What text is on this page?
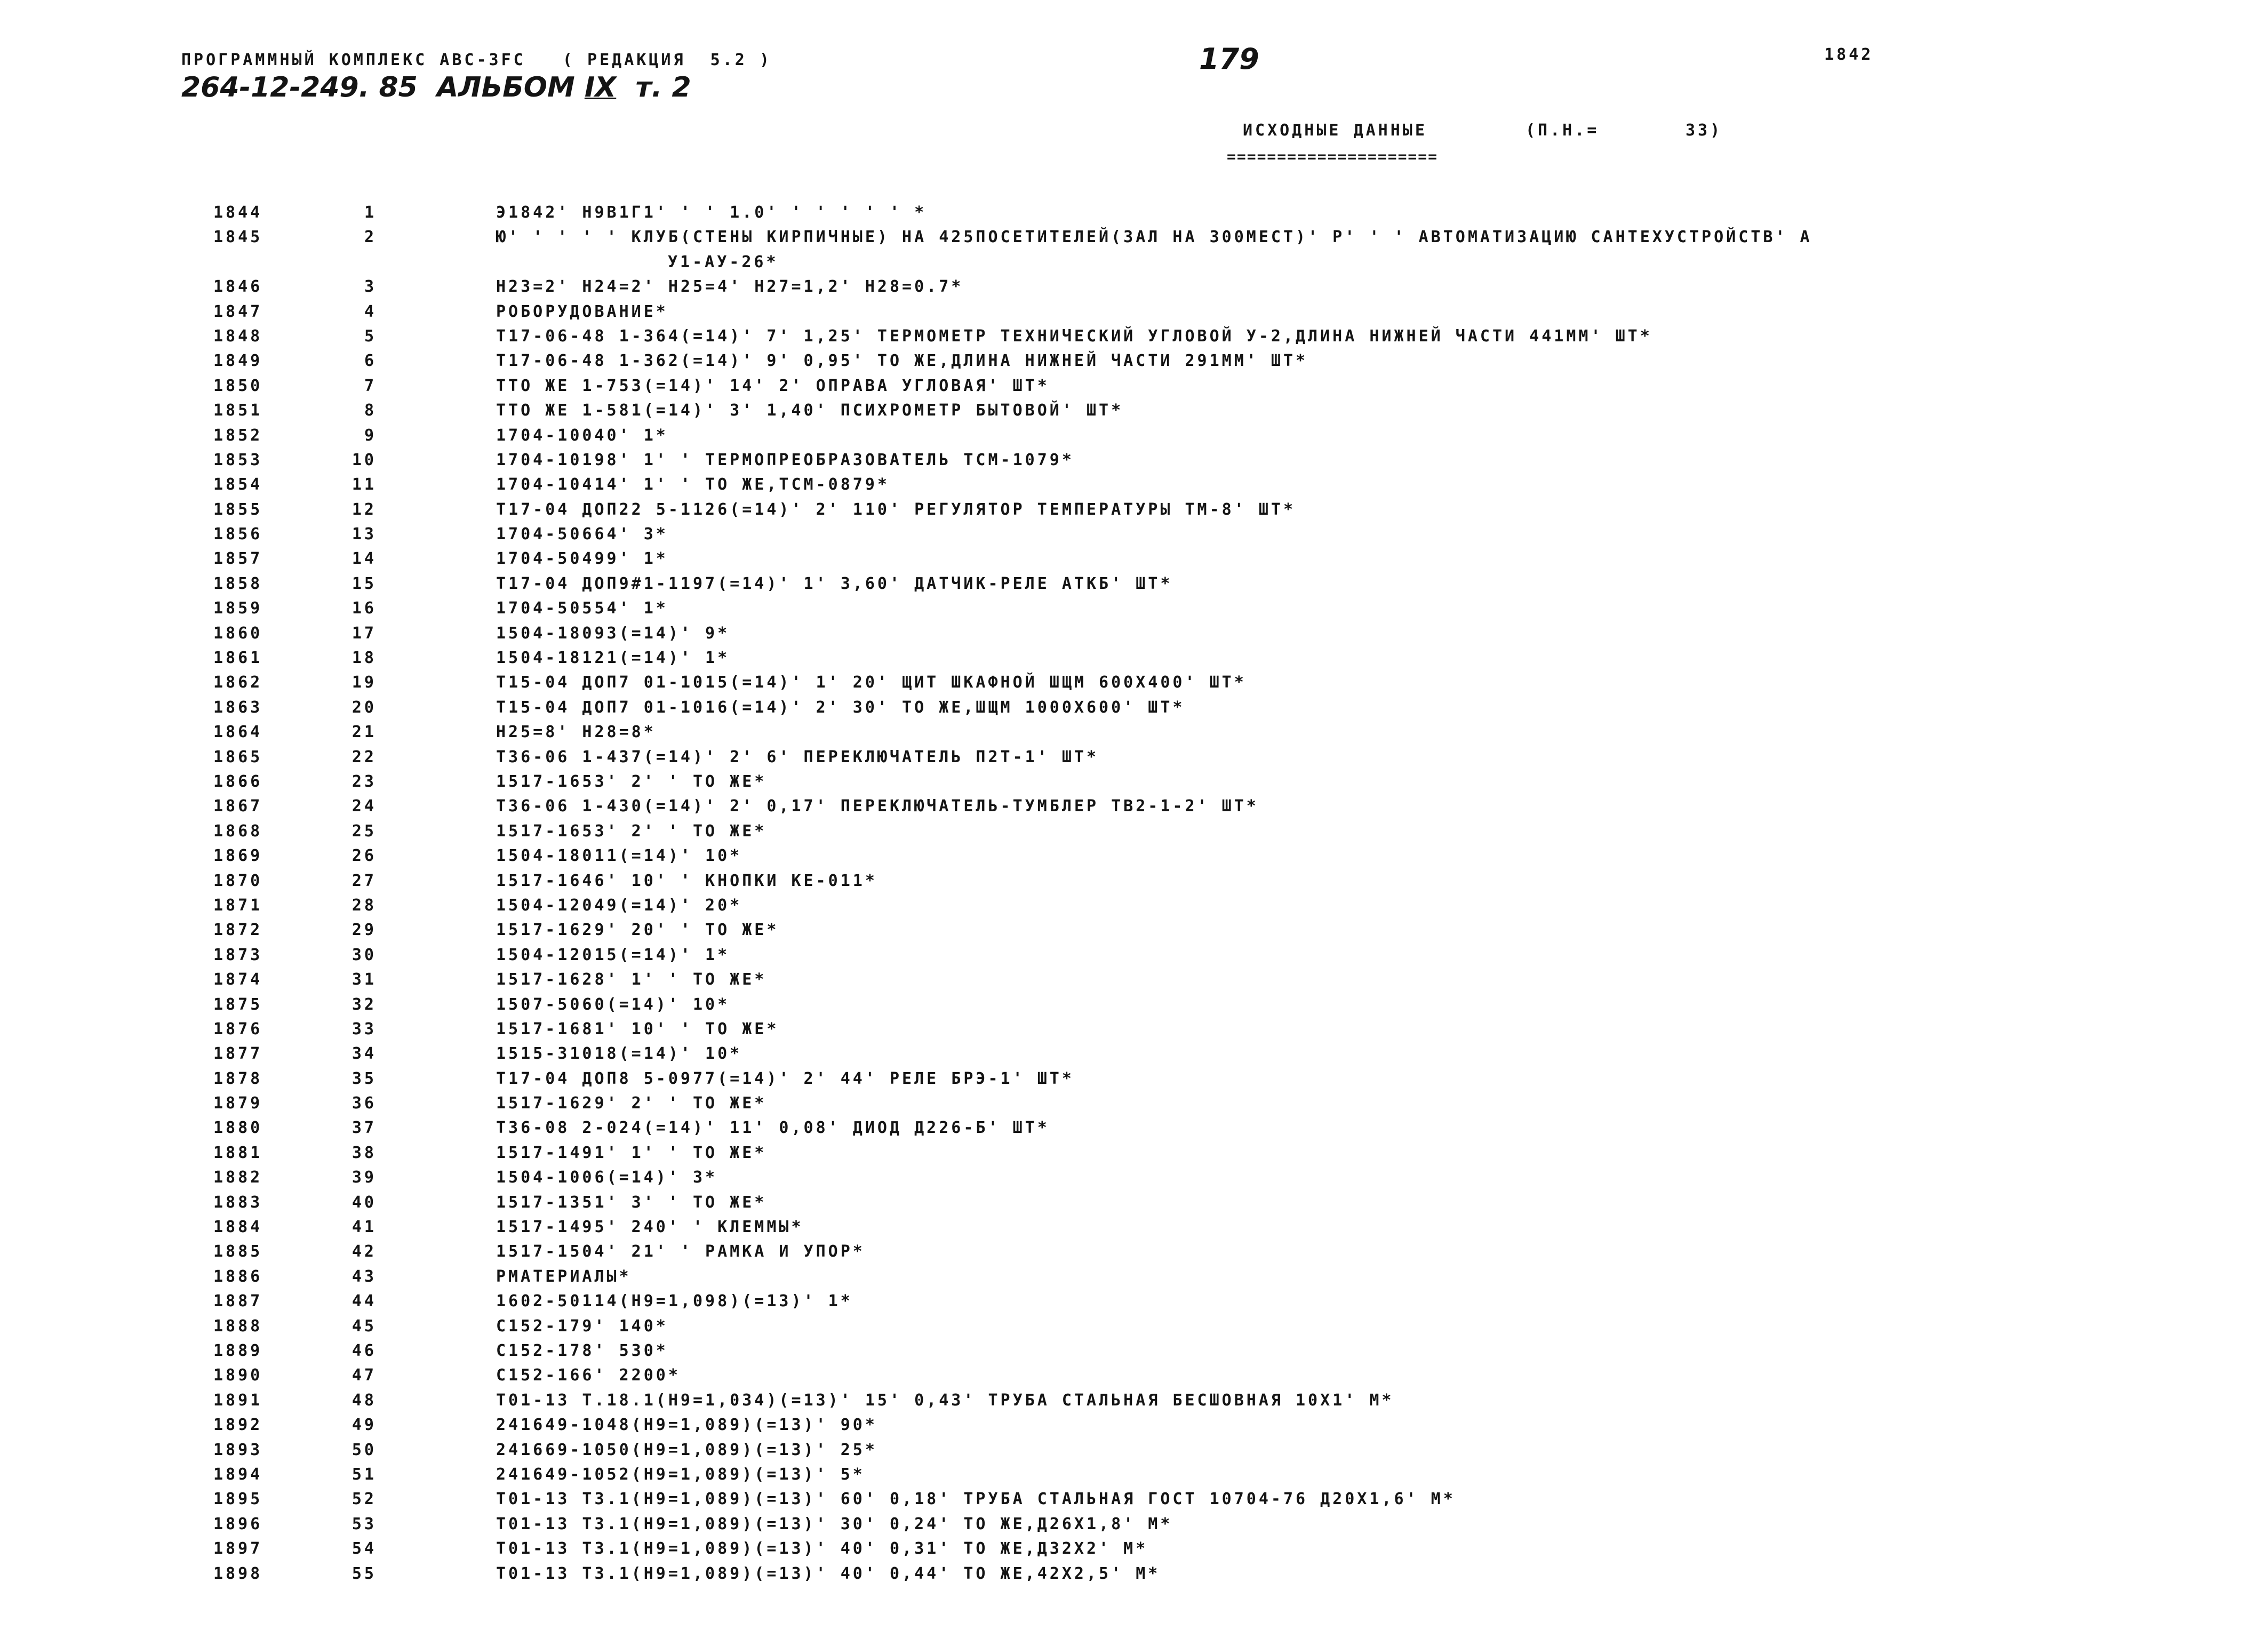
ПРОГРАММНЫЙ КОМПЛЕКС АВС-ЗFС   ( РЕДАКЦИЯ  5.2 )
264-12-249. 85  АЛЬБОМ IX  т. 2
179	1842
ИСХОДНЫЕ ДАННЫЕ
=====================
(П.Н.=	33)
1844	1	Э1842' Н9В1Г1' ' ' 1.0' ' ' ' ' ' *
1845	2	Ю' ' ' ' ' КЛУБ(СТЕНЫ КИРПИЧНЫЕ) НА 425ПОСЕТИТЕЛЕЙ(ЗАЛ НА 300МЕСТ)' Р' ' ' АВТОМАТИЗАЦИЮ САНТЕХУСТРОЙСТВ' А
У1-АУ-26*
1846	3	Н23=2' Н24=2' Н25=4' Н27=1,2' Н28=0.7*
1847	4	РОБОРУДОВАНИЕ*
1848	5	Т17-06-48 1-364(=14)' 7' 1,25' ТЕРМОМЕТР ТЕХНИЧЕСКИЙ УГЛОВОЙ У-2,ДЛИНА НИЖНЕЙ ЧАСТИ 441ММ' ШТ*
1849	6	Т17-06-48 1-362(=14)' 9' 0,95' ТО ЖЕ,ДЛИНА НИЖНЕЙ ЧАСТИ 291ММ' ШТ*
1850	7	ТТО ЖЕ 1-753(=14)' 14' 2' ОПРАВА УГЛОВАЯ' ШТ*
1851	8	ТТО ЖЕ 1-581(=14)' 3' 1,40' ПСИХРОМЕТР БЫТОВОЙ' ШТ*
1852	9	1704-10040' 1*
1853	10	1704-10198' 1' ' ТЕРМОПРЕОБРАЗОВАТЕЛЬ ТСМ-1079*
1854	11	1704-10414' 1' ' ТО ЖЕ,ТСМ-0879*
1855	12	Т17-04 ДОП22 5-1126(=14)' 2' 110' РЕГУЛЯТОР ТЕМПЕРАТУРЫ ТМ-8' ШТ*
1856	13	1704-50664' 3*
1857	14	1704-50499' 1*
1858	15	Т17-04 ДОП9#1-1197(=14)' 1' 3,60' ДАТЧИК-РЕЛЕ АТКБ' ШТ*
1859	16	1704-50554' 1*
1860	17	1504-18093(=14)' 9*
1861	18	1504-18121(=14)' 1*
1862	19	Т15-04 ДОП7 01-1015(=14)' 1' 20' ЩИТ ШКАФНОЙ ШЩМ 600Х400' ШТ*
1863	20	Т15-04 ДОП7 01-1016(=14)' 2' 30' ТО ЖЕ,ШЩМ 1000Х600' ШТ*
1864	21	Н25=8' Н28=8*
1865	22	Т36-06 1-437(=14)' 2' 6' ПЕРЕКЛЮЧАТЕЛЬ П2Т-1' ШТ*
1866	23	1517-1653' 2' ' ТО ЖЕ*
1867	24	Т36-06 1-430(=14)' 2' 0,17' ПЕРЕКЛЮЧАТЕЛЬ-ТУМБЛЕР ТВ2-1-2' ШТ*
1868	25	1517-1653' 2' ' ТО ЖЕ*
1869	26	1504-18011(=14)' 10*
1870	27	1517-1646' 10' ' КНОПКИ КЕ-011*
1871	28	1504-12049(=14)' 20*
1872	29	1517-1629' 20' ' ТО ЖЕ*
1873	30	1504-12015(=14)' 1*
1874	31	1517-1628' 1' ' ТО ЖЕ*
1875	32	1507-5060(=14)' 10*
1876	33	1517-1681' 10' ' ТО ЖЕ*
1877	34	1515-31018(=14)' 10*
1878	35	Т17-04 ДОП8 5-0977(=14)' 2' 44' РЕЛЕ БРЭ-1' ШТ*
1879	36	1517-1629' 2' ' ТО ЖЕ*
1880	37	Т36-08 2-024(=14)' 11' 0,08' ДИОД Д226-Б' ШТ*
1881	38	1517-1491' 1' ' ТО ЖЕ*
1882	39	1504-1006(=14)' 3*
1883	40	1517-1351' 3' ' ТО ЖЕ*
1884	41	1517-1495' 240' ' КЛЕММЫ*
1885	42	1517-1504' 21' ' РАМКА И УПОР*
1886	43	РМАТЕРИАЛЫ*
1887	44	1602-50114(Н9=1,098)(=13)' 1*
1888	45	С152-179' 140*
1889	46	С152-178' 530*
1890	47	С152-166' 2200*
1891	48	Т01-13 Т.18.1(Н9=1,034)(=13)' 15' 0,43' ТРУБА СТАЛЬНАЯ БЕСШОВНАЯ 10Х1' М*
1892	49	241649-1048(Н9=1,089)(=13)' 90*
1893	50	241669-1050(Н9=1,089)(=13)' 25*
1894	51	241649-1052(Н9=1,089)(=13)' 5*
1895	52	Т01-13 Т3.1(Н9=1,089)(=13)' 60' 0,18' ТРУБА СТАЛЬНАЯ ГОСТ 10704-76 Д20Х1,6' М*
1896	53	Т01-13 Т3.1(Н9=1,089)(=13)' 30' 0,24' ТО ЖЕ,Д26Х1,8' М*
1897	54	Т01-13 Т3.1(Н9=1,089)(=13)' 40' 0,31' ТО ЖЕ,Д32Х2' М*
1898	55	Т01-13 Т3.1(Н9=1,089)(=13)' 40' 0,44' ТО ЖЕ,42Х2,5' М*
